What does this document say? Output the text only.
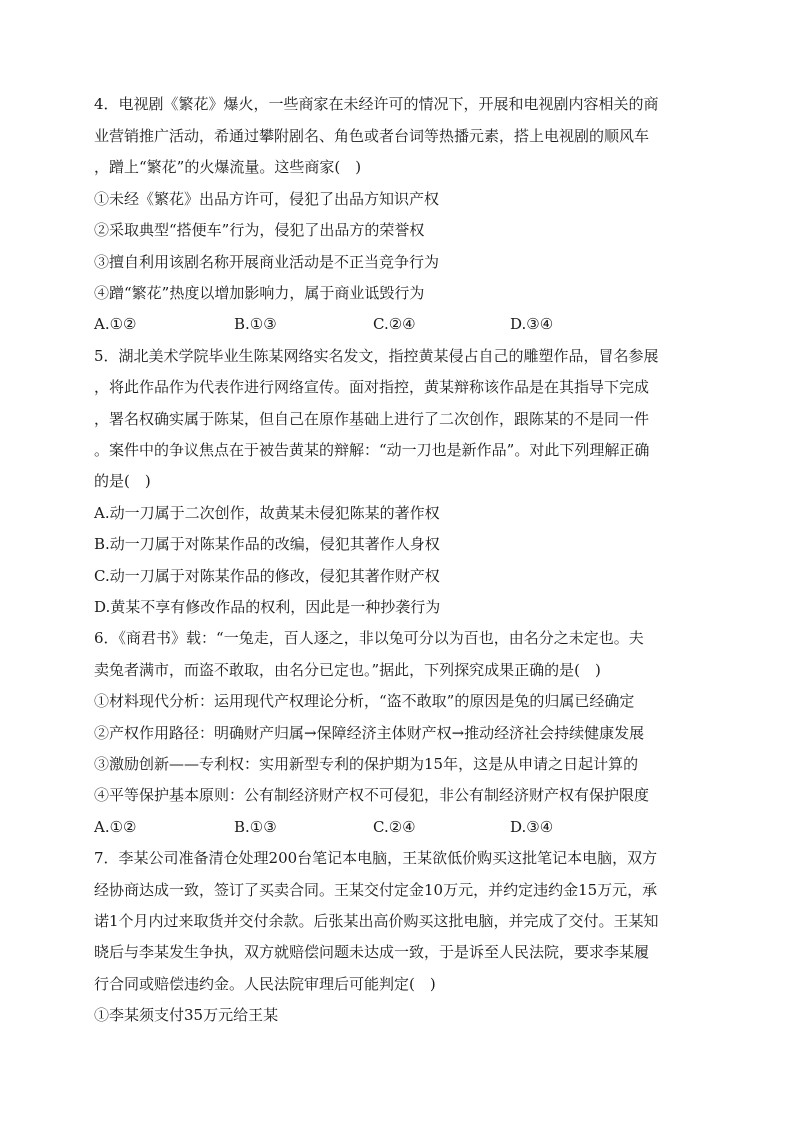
4．电视剧《繁花》爆火，一些商家在未经许可的情况下，开展和电视剧内容相关的商
业营销推广活动，希通过攀附剧名、角色或者台词等热播元素，搭上电视剧的顺风车
，蹭上“繁花”的火爆流量。这些商家(　)
①未经《繁花》出品方许可，侵犯了出品方知识产权
②采取典型“搭便车”行为，侵犯了出品方的荣誉权
③擅自利用该剧名称开展商业活动是不正当竞争行为
④蹭“繁花”热度以增加影响力，属于商业诋毁行为
A.①②	B.①③	C.②④	D.③④
5．湖北美术学院毕业生陈某网络实名发文，指控黄某侵占自己的雕塑作品，冒名参展
，将此作品作为代表作进行网络宣传。面对指控，黄某辩称该作品是在其指导下完成
，署名权确实属于陈某，但自己在原作基础上进行了二次创作，跟陈某的不是同一件
。案件中的争议焦点在于被告黄某的辩解：“动一刀也是新作品”。对此下列理解正确
的是(　)
A.动一刀属于二次创作，故黄某未侵犯陈某的著作权
B.动一刀属于对陈某作品的改编，侵犯其著作人身权
C.动一刀属于对陈某作品的修改，侵犯其著作财产权
D.黄某不享有修改作品的权利，因此是一种抄袭行为
6．《商君书》载：“一兔走，百人逐之，非以兔可分以为百也，由名分之未定也。夫
卖兔者满市，而盗不敢取，由名分已定也。”据此，下列探究成果正确的是(　)
①材料现代分析：运用现代产权理论分析，“盗不敢取”的原因是兔的归属已经确定
②产权作用路径：明确财产归属→保障经济主体财产权→推动经济社会持续健康发展
③激励创新——专利权：实用新型专利的保护期为15年，这是从申请之日起计算的
④平等保护基本原则：公有制经济财产权不可侵犯，非公有制经济财产权有保护限度
A.①②	B.①③	C.②④	D.③④
7．李某公司准备清仓处理200台笔记本电脑，王某欲低价购买这批笔记本电脑，双方
经协商达成一致，签订了买卖合同。王某交付定金10万元，并约定违约金15万元，承
诺1个月内过来取货并交付余款。后张某出高价购买这批电脑，并完成了交付。王某知
晓后与李某发生争执，双方就赔偿问题未达成一致，于是诉至人民法院，要求李某履
行合同或赔偿违约金。人民法院审理后可能判定(　)
①李某须支付35万元给王某
